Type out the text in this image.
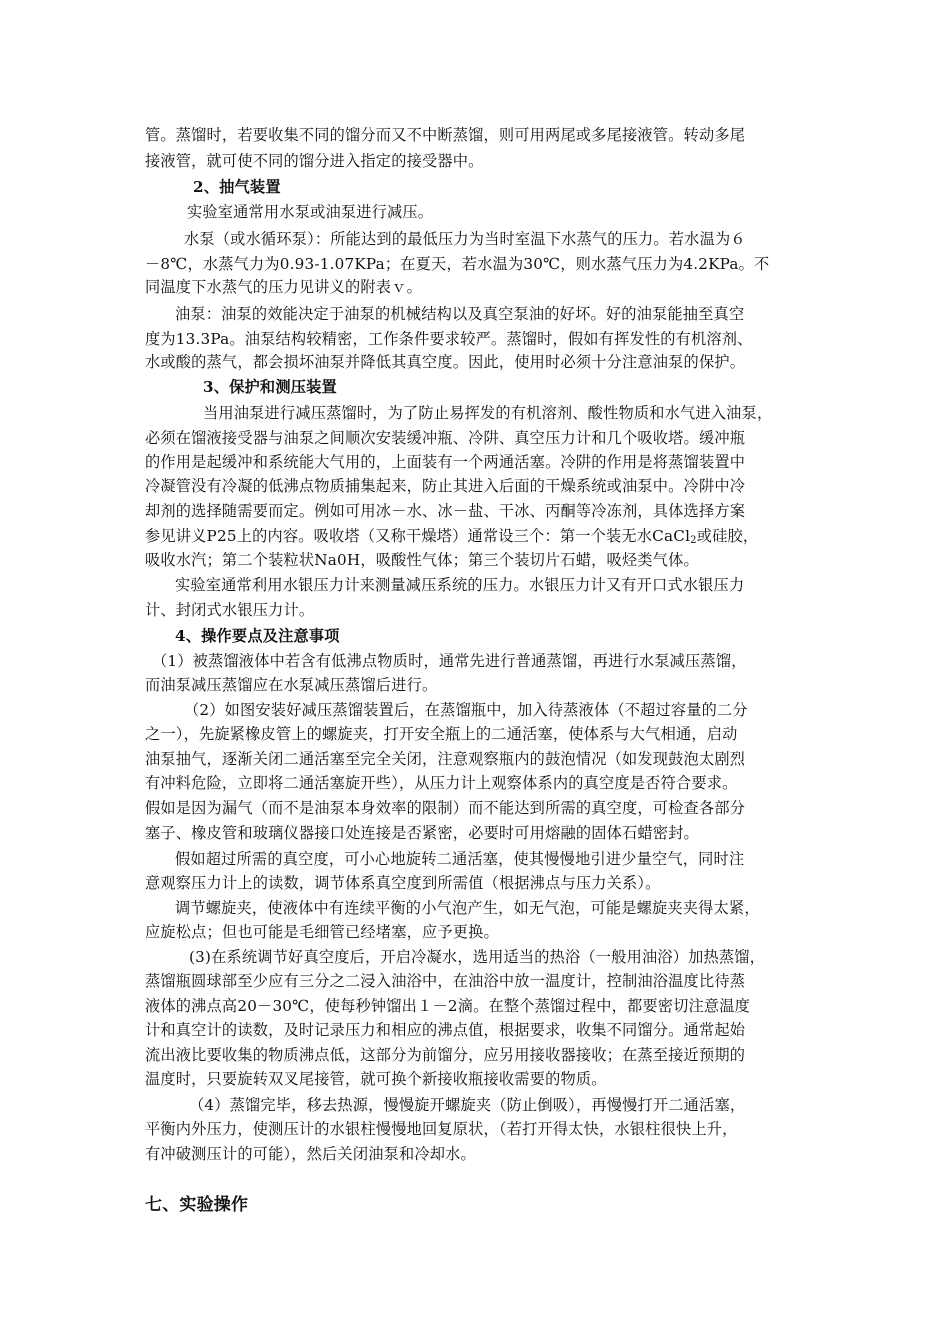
管。蒸馏时，若要收集不同的馏分而又不中断蒸馏，则可用两尾或多尾接液管。转动多尾
接液管，就可使不同的馏分进入指定的接受器中。
2、抽气装置
实验室通常用水泵或油泵进行减压。
水泵（或水循环泵）：所能达到的最低压力为当时室温下水蒸气的压力。若水温为６
－8℃，水蒸气力为0.93-1.07KPa；在夏天，若水温为30℃，则水蒸气压力为4.2KPa。不
同温度下水蒸气的压力见讲义的附表ｖ。
油泵：油泵的效能决定于油泵的机械结构以及真空泵油的好坏。好的油泵能抽至真空
度为13.3Pa。油泵结构较精密，工作条件要求较严。蒸馏时，假如有挥发性的有机溶剂、
水或酸的蒸气，都会损坏油泵并降低其真空度。因此，使用时必须十分注意油泵的保护。
3、保护和测压装置
当用油泵进行减压蒸馏时，为了防止易挥发的有机溶剂、酸性物质和水气进入油泵，
必须在馏液接受器与油泵之间顺次安装缓冲瓶、冷阱、真空压力计和几个吸收塔。缓冲瓶
的作用是起缓冲和系统能大气用的，上面装有一个两通活塞。冷阱的作用是将蒸馏装置中
冷凝管没有冷凝的低沸点物质捕集起来，防止其进入后面的干燥系统或油泵中。冷阱中冷
却剂的选择随需要而定。例如可用冰－水、冰－盐、干冰、丙酮等冷冻剂，具体选择方案
参见讲义P25上的内容。吸收塔（又称干燥塔）通常设三个：第一个装无水CaCl$_2$或硅胶，
吸收水汽；第二个装粒状Na0H，吸酸性气体；第三个装切片石蜡，吸烃类气体。
实验室通常利用水银压力计来测量减压系统的压力。水银压力计又有开口式水银压力
计、封闭式水银压力计。
4、操作要点及注意事项
（1）被蒸馏液体中若含有低沸点物质时，通常先进行普通蒸馏，再进行水泵减压蒸馏，
而油泵减压蒸馏应在水泵减压蒸馏后进行。
（2）如图安装好减压蒸馏装置后，在蒸馏瓶中，加入待蒸液体（不超过容量的二分
之一），先旋紧橡皮管上的螺旋夹，打开安全瓶上的二通活塞，使体系与大气相通，启动
油泵抽气，逐渐关闭二通活塞至完全关闭，注意观察瓶内的鼓泡情况（如发现鼓泡太剧烈
有冲料危险，立即将二通活塞旋开些），从压力计上观察体系内的真空度是否符合要求。
假如是因为漏气（而不是油泵本身效率的限制）而不能达到所需的真空度，可检查各部分
塞子、橡皮管和玻璃仪器接口处连接是否紧密，必要时可用熔融的固体石蜡密封。
假如超过所需的真空度，可小心地旋转二通活塞，使其慢慢地引进少量空气，同时注
意观察压力计上的读数，调节体系真空度到所需值（根据沸点与压力关系）。
调节螺旋夹，使液体中有连续平衡的小气泡产生，如无气泡，可能是螺旋夹夹得太紧，
应旋松点；但也可能是毛细管已经堵塞，应予更换。
(3)在系统调节好真空度后，开启冷凝水，选用适当的热浴（一般用油浴）加热蒸馏，
蒸馏瓶圆球部至少应有三分之二浸入油浴中，在油浴中放一温度计，控制油浴温度比待蒸
液体的沸点高20－30℃，使每秒钟馏出１－2滴。在整个蒸馏过程中，都要密切注意温度
计和真空计的读数，及时记录压力和相应的沸点值，根据要求，收集不同馏分。通常起始
流出液比要收集的物质沸点低，这部分为前馏分，应另用接收器接收；在蒸至接近预期的
温度时，只要旋转双叉尾接管，就可换个新接收瓶接收需要的物质。
（4）蒸馏完毕，移去热源，慢慢旋开螺旋夹（防止倒吸），再慢慢打开二通活塞，
平衡内外压力，使测压计的水银柱慢慢地回复原状，（若打开得太快，水银柱很快上升，
有冲破测压计的可能），然后关闭油泵和冷却水。
七、实验操作
